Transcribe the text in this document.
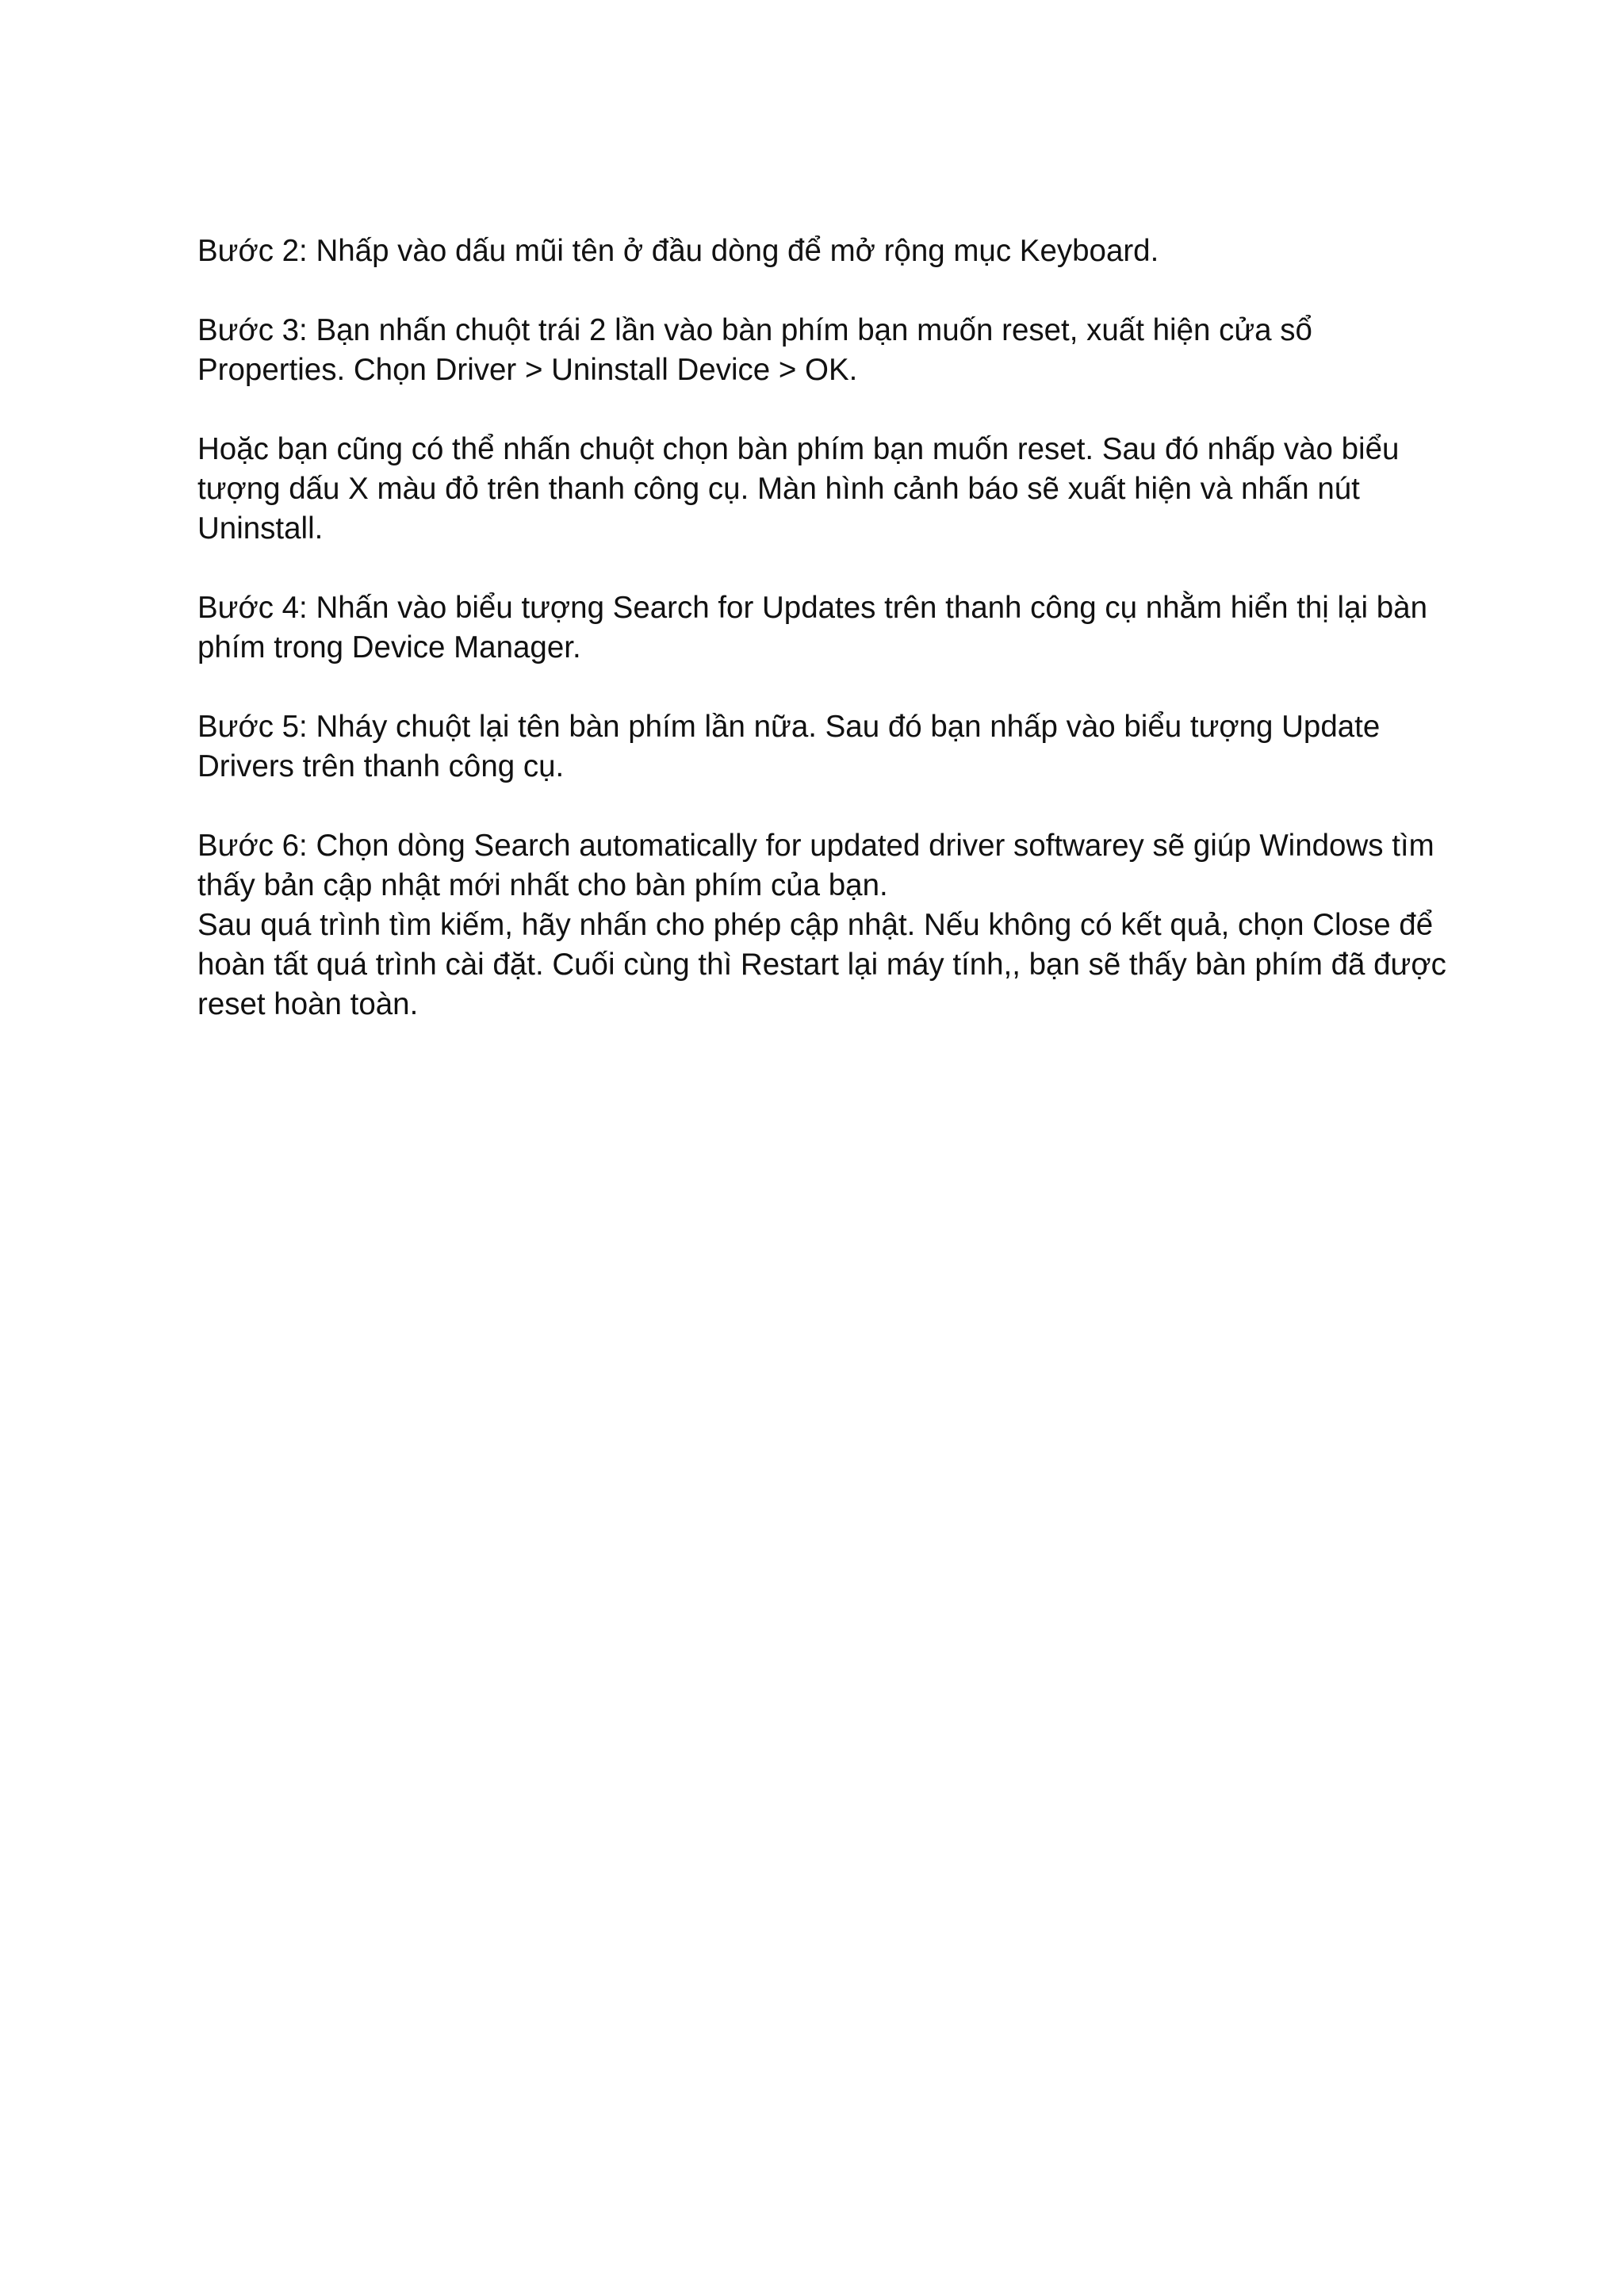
Bước 2: Nhấp vào dấu mũi tên ở đầu dòng để mở rộng mục Keyboard.

Bước 3: Bạn nhấn chuột trái 2 lần vào bàn phím bạn muốn reset, xuất hiện cửa sổ Properties. Chọn Driver > Uninstall Device > OK.

Hoặc bạn cũng có thể nhấn chuột chọn bàn phím bạn muốn reset. Sau đó nhấp vào biểu tượng dấu X màu đỏ trên thanh công cụ. Màn hình cảnh báo sẽ xuất hiện và nhấn nút Uninstall.

Bước 4: Nhấn vào biểu tượng Search for Updates trên thanh công cụ nhằm hiển thị lại bàn phím trong Device Manager.

Bước 5: Nháy chuột lại tên bàn phím lần nữa. Sau đó bạn nhấp vào biểu tượng Update Drivers trên thanh công cụ.

Bước 6: Chọn dòng Search automatically for updated driver softwarey sẽ giúp Windows tìm thấy bản cập nhật mới nhất cho bàn phím của bạn.

Sau quá trình tìm kiếm, hãy nhấn cho phép cập nhật. Nếu không có kết quả, chọn Close để hoàn tất quá trình cài đặt. Cuối cùng thì Restart lại máy tính,, bạn sẽ thấy bàn phím đã được reset hoàn toàn.
